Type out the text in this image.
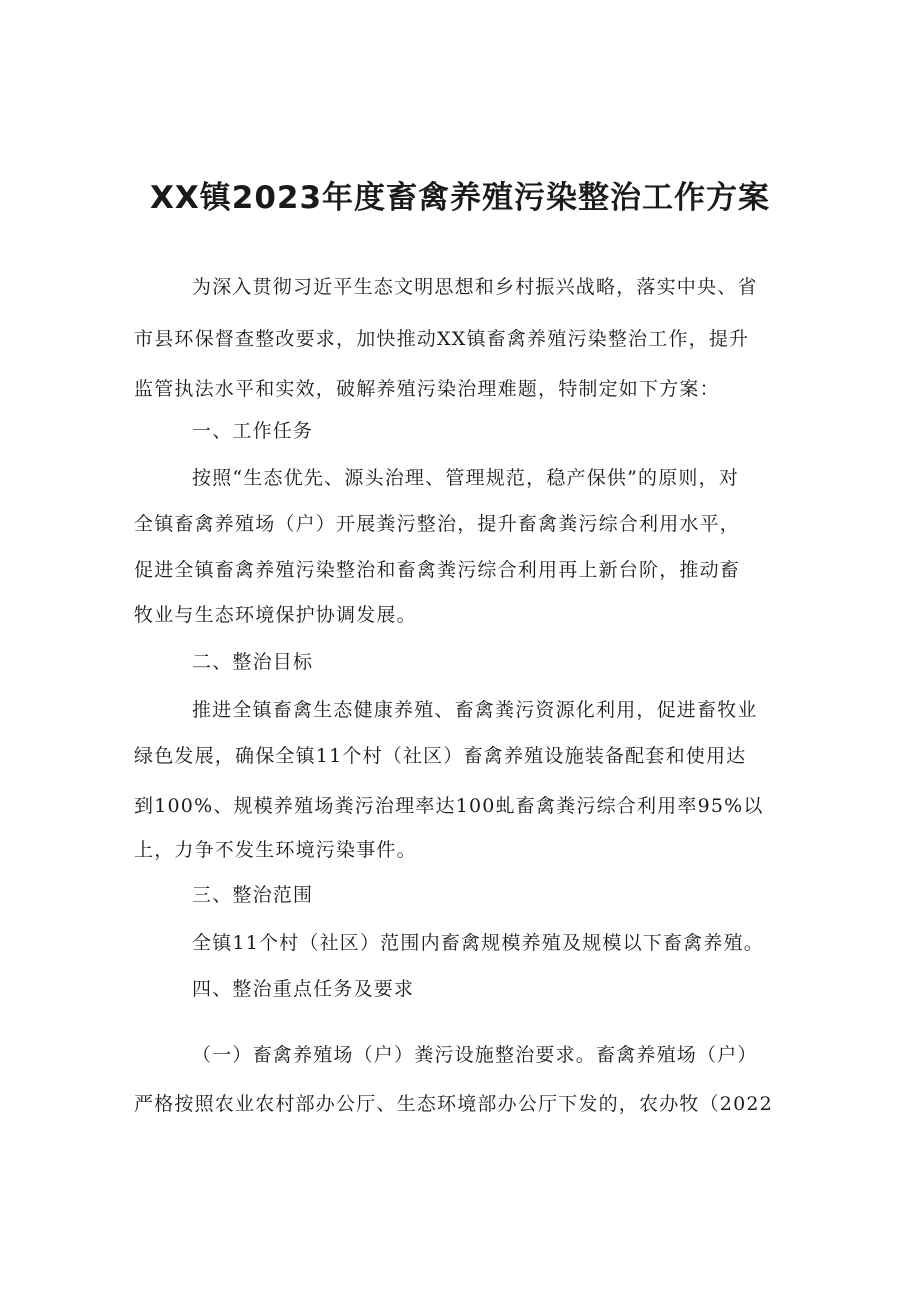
XX镇2023年度畜禽养殖污染整治工作方案
为深入贯彻习近平生态文明思想和乡村振兴战略，落实中央、省
市县环保督查整改要求，加快推动XX镇畜禽养殖污染整治工作，提升
监管执法水平和实效，破解养殖污染治理难题，特制定如下方案：
一、工作任务
按照“生态优先、源头治理、管理规范，稳产保供”的原则，对
全镇畜禽养殖场（户）开展粪污整治，提升畜禽粪污综合利用水平，
促进全镇畜禽养殖污染整治和畜禽粪污综合利用再上新台阶，推动畜
牧业与生态环境保护协调发展。
二、整治目标
推进全镇畜禽生态健康养殖、畜禽粪污资源化利用，促进畜牧业
绿色发展，确保全镇11个村（社区）畜禽养殖设施装备配套和使用达
到100%、规模养殖场粪污治理率达100虬畜禽粪污综合利用率95%以
上，力争不发生环境污染事件。
三、整治范围
全镇11个村（社区）范围内畜禽规模养殖及规模以下畜禽养殖。
四、整治重点任务及要求
（一）畜禽养殖场（户）粪污设施整治要求。畜禽养殖场（户）
严格按照农业农村部办公厅、生态环境部办公厅下发的，农办牧（2022
